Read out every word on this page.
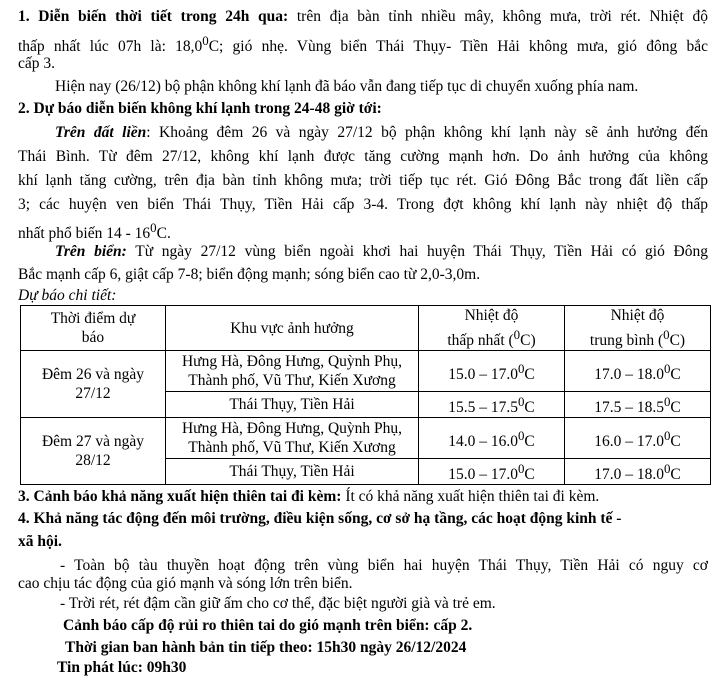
1. Diễn biến thời tiết trong 24h qua: trên địa bàn tỉnh nhiều mây, không mưa, trời rét. Nhiệt độ
thấp nhất lúc 07h là: 18,0$^0$C; gió nhẹ. Vùng biển Thái Thụy- Tiền Hải không mưa, gió đông bắc
cấp 3.
Hiện nay (26/12) bộ phận không khí lạnh đã báo vẫn đang tiếp tục di chuyển xuống phía nam.
2. Dự báo diễn biến không khí lạnh trong 24-48 giờ tới:
Trên đất liền: Khoảng đêm 26 và ngày 27/12 bộ phận không khí lạnh này sẽ ảnh hưởng đến
Thái Bình. Từ đêm 27/12, không khí lạnh được tăng cường mạnh hơn. Do ảnh hưởng của không
khí lạnh tăng cường, trên địa bàn tỉnh không mưa; trời tiếp tục rét. Gió Đông Bắc trong đất liền cấp
3; các huyện ven biển Thái Thụy, Tiền Hải cấp 3-4. Trong đợt không khí lạnh này nhiệt độ thấp
nhất phổ biến $14 - 16^0C$.
Trên biển: Từ ngày 27/12 vùng biển ngoài khơi hai huyện Thái Thụy, Tiền Hải có gió Đông
Bắc mạnh cấp 6, giật cấp 7-8; biển động mạnh; sóng biển cao từ 2,0-3,0m.
Dự báo chi tiết:
Thời điểm dự
báo	Khu vực ảnh hưởng	Nhiệt độ
thấp nhất ($^0$C)	Nhiệt độ
trung bình ($^0$C)
Đêm 26 và ngày
27/12	Hưng Hà, Đông Hưng, Quỳnh Phụ,
Thành phố, Vũ Thư, Kiến Xương	15.0 – 17.0$^0$C	17.0 – 18.0$^0$C
	Thái Thụy, Tiền Hải	15.5 – 17.5$^0$C	17.5 – 18.5$^0$C
Đêm 27 và ngày
28/12	Hưng Hà, Đông Hưng, Quỳnh Phụ,
Thành phố, Vũ Thư, Kiến Xương	14.0 – 16.0$^0$C	16.0 – 17.0$^0$C
	Thái Thụy, Tiền Hải	15.0 – 17.0$^0$C	17.0 – 18.0$^0$C
3. Cảnh báo khả năng xuất hiện thiên tai đi kèm: Ít có khả năng xuất hiện thiên tai đi kèm.
4. Khả năng tác động đến môi trường, điều kiện sống, cơ sở hạ tầng, các hoạt động kinh tế -
xã hội.
- Toàn bộ tàu thuyền hoạt động trên vùng biển hai huyện Thái Thụy, Tiền Hải có nguy cơ
cao chịu tác động của gió mạnh và sóng lớn trên biển.
- Trời rét, rét đậm cần giữ ấm cho cơ thể, đặc biệt người già và trẻ em.
Cảnh báo cấp độ rủi ro thiên tai do gió mạnh trên biển: cấp 2.
Thời gian ban hành bản tin tiếp theo: 15h30 ngày 26/12/2024
Tin phát lúc: 09h30
